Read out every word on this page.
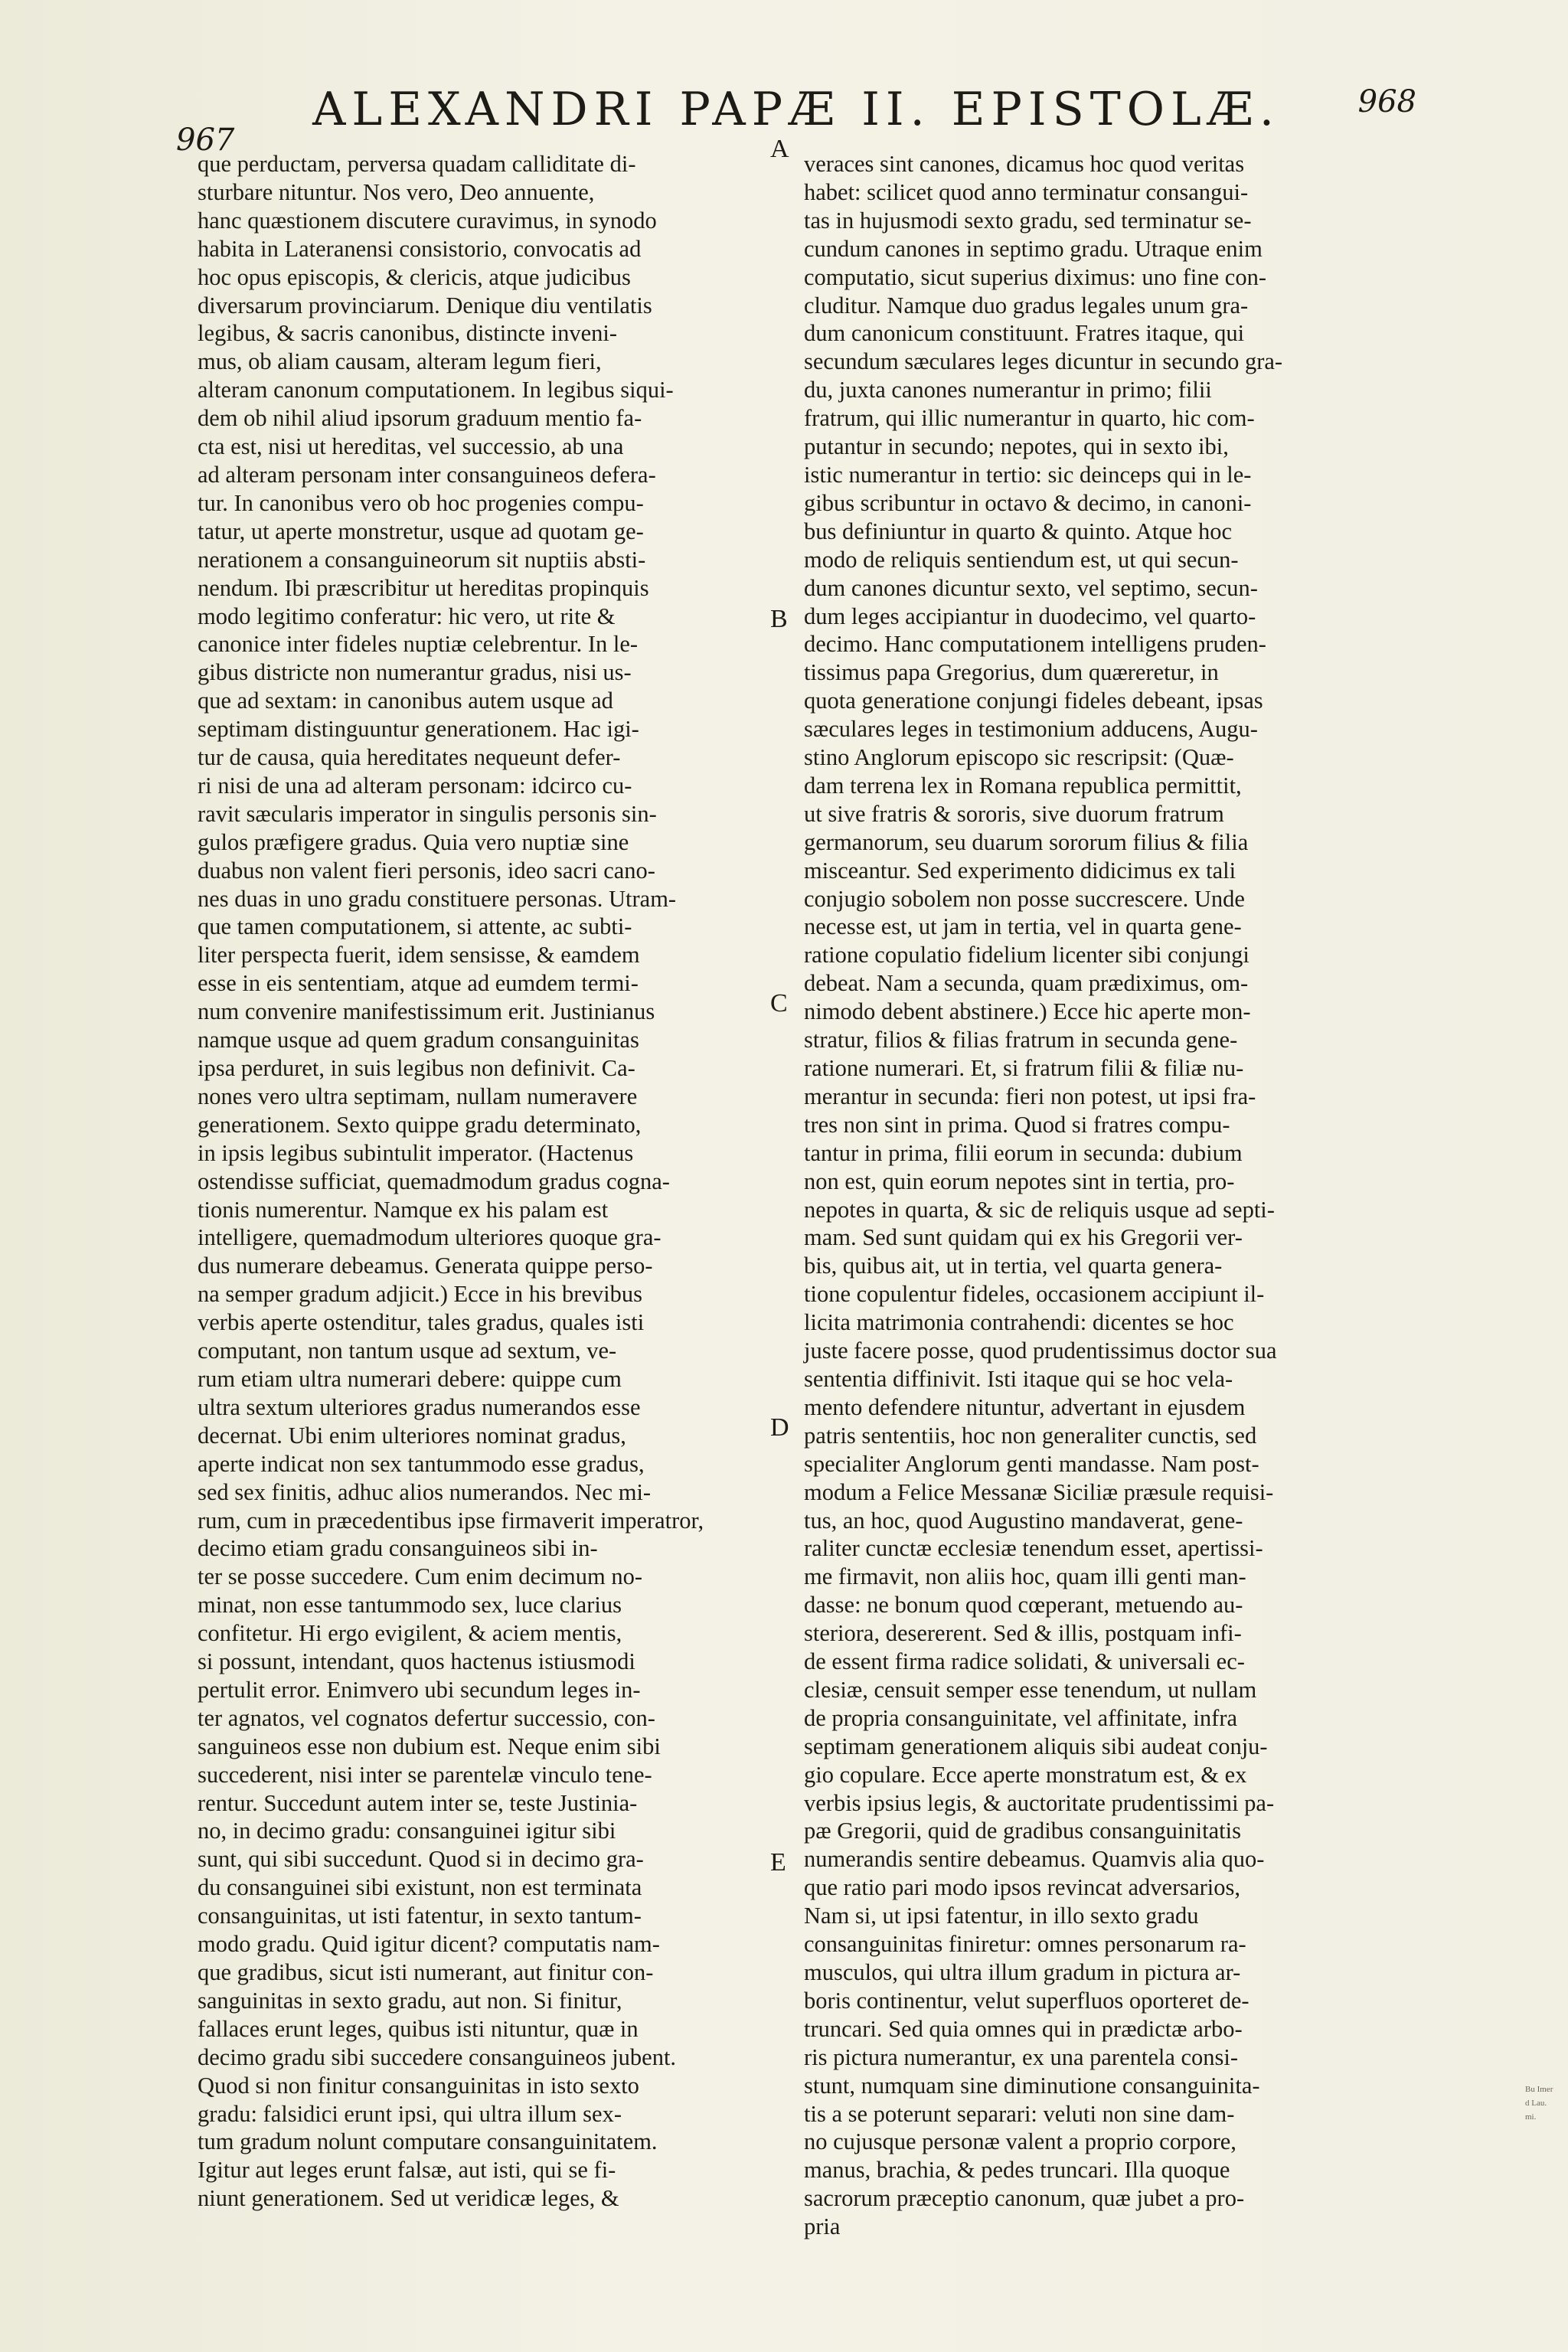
967
ALEXANDRI PAPÆ II. EPISTOLÆ.	968

que perductam, perversa quadam calliditate di-
sturbare nituntur. Nos vero, Deo annuente,
hanc quæstionem discutere curavimus, in synodo
habita in Lateranensi consistorio, convocatis ad
hoc opus episcopis, & clericis, atque judicibus
diversarum provinciarum. Denique diu ventilatis
legibus, & sacris canonibus, distincte inveni-
mus, ob aliam causam, alteram legum fieri,
alteram canonum computationem. In legibus siqui-
dem ob nihil aliud ipsorum graduum mentio fa-
cta est, nisi ut hereditas, vel successio, ab una
ad alteram personam inter consanguineos defera-
tur. In canonibus vero ob hoc progenies compu-
tatur, ut aperte monstretur, usque ad quotam ge-
nerationem a consanguineorum sit nuptiis absti-
nendum. Ibi præscribitur ut hereditas propinquis
modo legitimo conferatur: hic vero, ut rite &
canonice inter fideles nuptiæ celebrentur. In le-
gibus districte non numerantur gradus, nisi us-
que ad sextam: in canonibus autem usque ad
septimam distinguuntur generationem. Hac igi-
tur de causa, quia hereditates nequeunt defer-
ri nisi de una ad alteram personam: idcirco cu-
ravit sæcularis imperator in singulis personis sin-
gulos præfigere gradus. Quia vero nuptiæ sine
duabus non valent fieri personis, ideo sacri cano-
nes duas in uno gradu constituere personas. Utram-
que tamen computationem, si attente, ac subti-
liter perspecta fuerit, idem sensisse, & eamdem
esse in eis sententiam, atque ad eumdem termi-
num convenire manifestissimum erit. Justinianus
namque usque ad quem gradum consanguinitas
ipsa perduret, in suis legibus non definivit. Ca-
nones vero ultra septimam, nullam numeravere
generationem. Sexto quippe gradu determinato,
in ipsis legibus subintulit imperator. (Hactenus
ostendisse sufficiat, quemadmodum gradus cogna-
tionis numerentur. Namque ex his palam est
intelligere, quemadmodum ulteriores quoque gra-
dus numerare debeamus. Generata quippe perso-
na semper gradum adjicit.) Ecce in his brevibus
verbis aperte ostenditur, tales gradus, quales isti
computant, non tantum usque ad sextum, ve-
rum etiam ultra numerari debere: quippe cum
ultra sextum ulteriores gradus numerandos esse
decernat. Ubi enim ulteriores nominat gradus,
aperte indicat non sex tantummodo esse gradus,
sed sex finitis, adhuc alios numerandos. Nec mi-
rum, cum in præcedentibus ipse firmaverit imperatror,
decimo etiam gradu consanguineos sibi in-
ter se posse succedere. Cum enim decimum no-
minat, non esse tantummodo sex, luce clarius
confitetur. Hi ergo evigilent, & aciem mentis,
si possunt, intendant, quos hactenus istiusmodi
pertulit error. Enimvero ubi secundum leges in-
ter agnatos, vel cognatos defertur successio, con-
sanguineos esse non dubium est. Neque enim sibi
succederent, nisi inter se parentelæ vinculo tene-
rentur. Succedunt autem inter se, teste Justinia-
no, in decimo gradu: consanguinei igitur sibi
sunt, qui sibi succedunt. Quod si in decimo gra-
du consanguinei sibi existunt, non est terminata
consanguinitas, ut isti fatentur, in sexto tantum-
modo gradu. Quid igitur dicent? computatis nam-
que gradibus, sicut isti numerant, aut finitur con-
sanguinitas in sexto gradu, aut non. Si finitur,
fallaces erunt leges, quibus isti nituntur, quæ in
decimo gradu sibi succedere consanguineos jubent.
Quod si non finitur consanguinitas in isto sexto
gradu: falsidici erunt ipsi, qui ultra illum sex-
tum gradum nolunt computare consanguinitatem.
Igitur aut leges erunt falsæ, aut isti, qui se fi-
niunt generationem. Sed ut veridicæ leges, &

veraces sint canones, dicamus hoc quod veritas
habet: scilicet quod anno terminatur consangui-
tas in hujusmodi sexto gradu, sed terminatur se-
cundum canones in septimo gradu. Utraque enim
computatio, sicut superius diximus: uno fine con-
cluditur. Namque duo gradus legales unum gra-
dum canonicum constituunt. Fratres itaque, qui
secundum sæculares leges dicuntur in secundo gra-
du, juxta canones numerantur in primo; filii
fratrum, qui illic numerantur in quarto, hic com-
putantur in secundo; nepotes, qui in sexto ibi,
istic numerantur in tertio: sic deinceps qui in le-
gibus scribuntur in octavo & decimo, in canoni-
bus definiuntur in quarto & quinto. Atque hoc
modo de reliquis sentiendum est, ut qui secun-
dum canones dicuntur sexto, vel septimo, secun-
dum leges accipiantur in duodecimo, vel quarto-
decimo. Hanc computationem intelligens pruden-
tissimus papa Gregorius, dum quæreretur, in
quota generatione conjungi fideles debeant, ipsas
sæculares leges in testimonium adducens, Augu-
stino Anglorum episcopo sic rescripsit: (Quæ-
dam terrena lex in Romana republica permittit,
ut sive fratris & sororis, sive duorum fratrum
germanorum, seu duarum sororum filius & filia
misceantur. Sed experimento didicimus ex tali
conjugio sobolem non posse succrescere. Unde
necesse est, ut jam in tertia, vel in quarta gene-
ratione copulatio fidelium licenter sibi conjungi
debeat. Nam a secunda, quam prædiximus, om-
nimodo debent abstinere.) Ecce hic aperte mon-
stratur, filios & filias fratrum in secunda gene-
ratione numerari. Et, si fratrum filii & filiæ nu-
merantur in secunda: fieri non potest, ut ipsi fra-
tres non sint in prima. Quod si fratres compu-
tantur in prima, filii eorum in secunda: dubium
non est, quin eorum nepotes sint in tertia, pro-
nepotes in quarta, & sic de reliquis usque ad septi-
mam. Sed sunt quidam qui ex his Gregorii ver-
bis, quibus ait, ut in tertia, vel quarta genera-
tione copulentur fideles, occasionem accipiunt il-
licita matrimonia contrahendi: dicentes se hoc
juste facere posse, quod prudentissimus doctor sua
sententia diffinivit. Isti itaque qui se hoc vela-
mento defendere nituntur, advertant in ejusdem
patris sententiis, hoc non generaliter cunctis, sed
specialiter Anglorum genti mandasse. Nam post-
modum a Felice Messanæ Siciliæ præsule requisi-
tus, an hoc, quod Augustino mandaverat, gene-
raliter cunctæ ecclesiæ tenendum esset, apertissi-
me firmavit, non aliis hoc, quam illi genti man-
dasse: ne bonum quod cœperant, metuendo au-
steriora, desererent. Sed & illis, postquam infi-
de essent firma radice solidati, & universali ec-
clesiæ, censuit semper esse tenendum, ut nullam
de propria consanguinitate, vel affinitate, infra
septimam generationem aliquis sibi audeat conju-
gio copulare. Ecce aperte monstratum est, & ex
verbis ipsius legis, & auctoritate prudentissimi pa-
pæ Gregorii, quid de gradibus consanguinitatis
numerandis sentire debeamus. Quamvis alia quo-
que ratio pari modo ipsos revincat adversarios,
Nam si, ut ipsi fatentur, in illo sexto gradu
consanguinitas finiretur: omnes personarum ra-
musculos, qui ultra illum gradum in pictura ar-
boris continentur, velut superfluos oporteret de-
truncari. Sed quia omnes qui in prædictæ arbo-
ris pictura numerantur, ex una parentela consi-
stunt, numquam sine diminutione consanguinita-
tis a se poterunt separari: veluti non sine dam-
no cujusque personæ valent a proprio corpore,
manus, brachia, & pedes truncari. Illa quoque
sacrorum præceptio canonum, quæ jubet a pro-
pria

A
B
C
D
E
Bu Imer
d Lau.
mi.
